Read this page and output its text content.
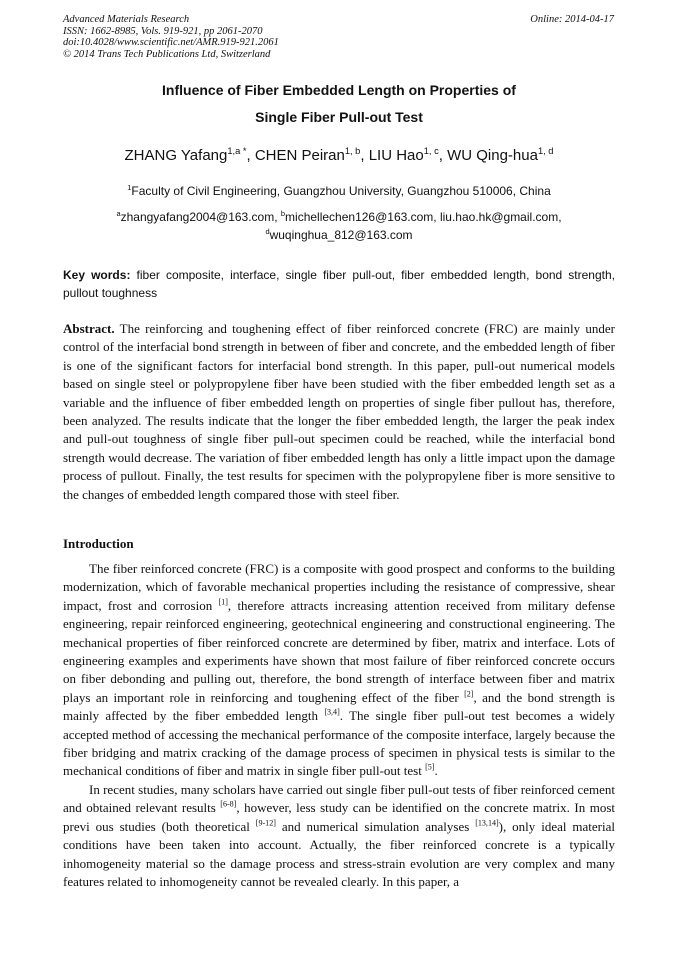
Advanced Materials Research
ISSN: 1662-8985, Vols. 919-921, pp 2061-2070
doi:10.4028/www.scientific.net/AMR.919-921.2061
© 2014 Trans Tech Publications Ltd, Switzerland
Online: 2014-04-17
Influence of Fiber Embedded Length on Properties of
Single Fiber Pull-out Test
ZHANG Yafang$^{1,a *}$, CHEN Peiran$^{1, b}$, LIU Hao$^{1, c}$, WU Qing-hua$^{1, d}$
$^1$Faculty of Civil Engineering, Guangzhou University, Guangzhou 510006, China
$^a$zhangyafang2004@163.com, $^b$michellechen126@163.com, liu.hao.hk@gmail.com,
$^d$wuqinghua_812@163.com
Key words: fiber composite, interface, single fiber pull-out, fiber embedded length, bond strength, pullout toughness
Abstract. The reinforcing and toughening effect of fiber reinforced concrete (FRC) are mainly under control of the interfacial bond strength in between of fiber and concrete, and the embedded length of fiber is one of the significant factors for interfacial bond strength. In this paper, pull-out numerical models based on single steel or polypropylene fiber have been studied with the fiber embedded length set as a variable and the influence of fiber embedded length on properties of single fiber pullout has, therefore, been analyzed. The results indicate that the longer the fiber embedded length, the larger the peak index and pull-out toughness of single fiber pull-out specimen could be reached, while the interfacial bond strength would decrease. The variation of fiber embedded length has only a little impact upon the damage process of pullout. Finally, the test results for specimen with the polypropylene fiber is more sensitive to the changes of embedded length compared those with steel fiber.
Introduction

The fiber reinforced concrete (FRC) is a composite with good prospect and conforms to the building modernization, which of favorable mechanical properties including the resistance of compressive, shear impact, frost and corrosion [1], therefore attracts increasing attention received from military defense engineering, repair reinforced engineering, geotechnical engineering and constructional engineering. The mechanical properties of fiber reinforced concrete are determined by fiber, matrix and interface. Lots of engineering examples and experiments have shown that most failure of fiber reinforced concrete occurs on fiber debonding and pulling out, therefore, the bond strength of interface between fiber and matrix plays an important role in reinforcing and toughening effect of the fiber [2], and the bond strength is mainly affected by the fiber embedded length [3,4]. The single fiber pull-out test becomes a widely accepted method of accessing the mechanical performance of the composite interface, largely because the fiber bridging and matrix cracking of the damage process of specimen in physical tests is similar to the mechanical conditions of fiber and matrix in single fiber pull-out test [5].

In recent studies, many scholars have carried out single fiber pull-out tests of fiber reinforced cement and obtained relevant results [6-8], however, less study can be identified on the concrete matrix. In most previ ous studies (both theoretical [9-12] and numerical simulation analyses [13,14]), only ideal material conditions have been taken into account. Actually, the fiber reinforced concrete is a typically inhomogeneity material so the damage process and stress-strain evolution are very complex and many features related to inhomogeneity cannot be revealed clearly. In this paper, a
